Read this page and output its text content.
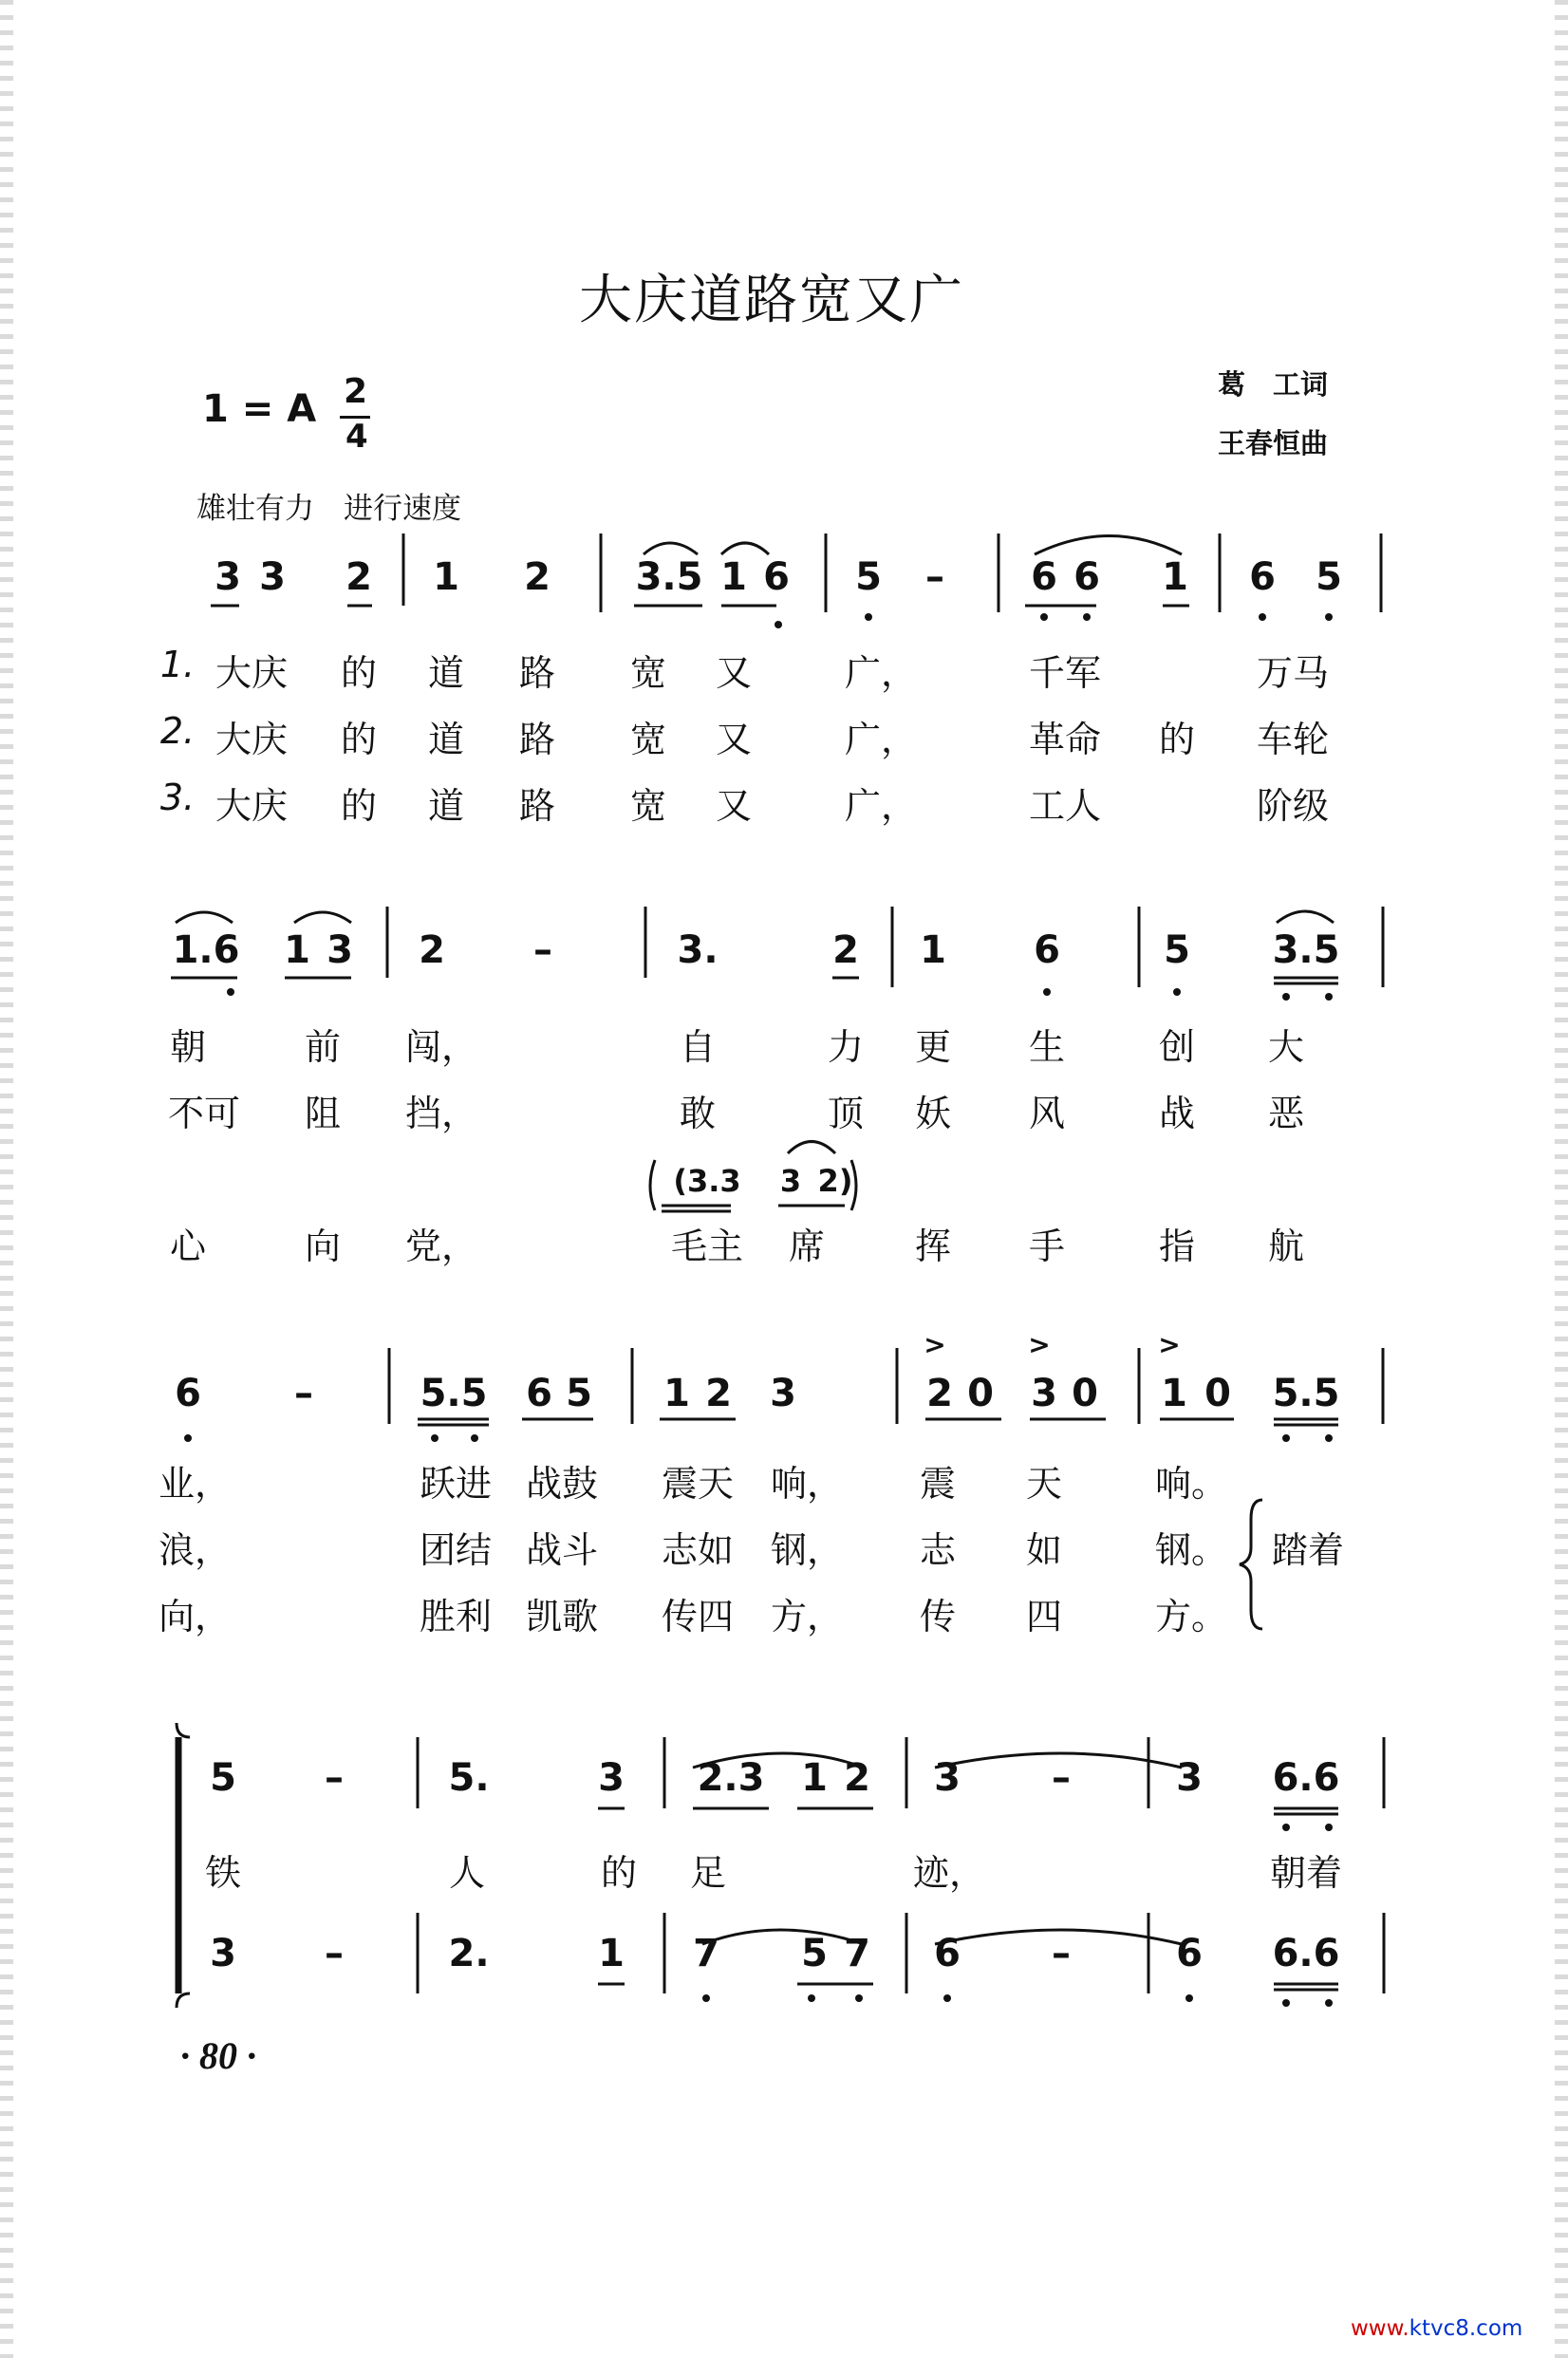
大庆道路宽又广
1 = A 2
4
葛　工词
王春恒曲
雄壮有力　进行速度
3 3	2	1	2	3.5 1 6	5	–	6 6	1	6	5
1. 大庆	的	道	路	宽	又	广，	千军	万马
2. 大庆	的	道	路	宽	又	广，	革命	的	车轮
3. 大庆	的	道	路	宽	又	广，	工人	阶级
1.6	1 3	2	–	3.	2	1	6	5	3.5
朝	前	闯，	自	力	更	生	创	大
不可	阻	挡，	敢	顶	妖	风	战	恶
(3.3	3 2)
心	向	党，	毛主	席	挥	手	指	航
>	>	>
6	–	5.5	6 5	1 2	3	2 0 3 0	1 0	5.5
业，	跃进 战鼓	震天	响，	震	天	响。
浪，	团结 战斗	志如	钢，	志	如	钢。	踏着
向，	胜利 凯歌	传四	方，	传	四	方。
5	–	5.	3	2.3 1 2	3	–	3	6.6
铁	人	的	足	迹，	朝着
3	–	2.	1	7	5 7	6	–	6	6.6
· 80 ·
www.ktvc8.com
